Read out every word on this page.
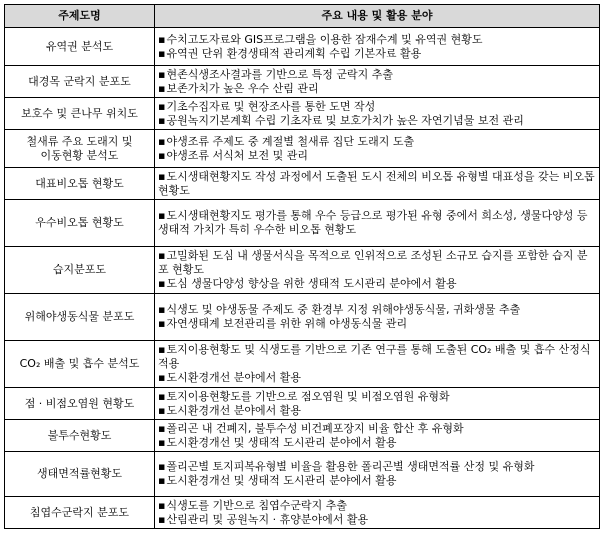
주제도명	주요 내용 및 활용 분야

유역권 분석도	▪수치고도자료와 GIS프로그램을 이용한 잠재수계 및 유역권 현황도
▪유역권 단위 환경생태적 관리계획 수립 기본자료 활용

대경목 군락지 분포도	▪현존식생조사결과를 기반으로 특정 군락지 추출
▪보존가치가 높은 우수 산림 관리

보호수 및 큰나무 위치도	▪기초수집자료 및 현장조사를 통한 도면 작성
▪공원녹지기본계획 수립 기초자료 및 보호가치가 높은 자연기념물 보전 관리

철새류 주요 도래지 및
이동현황 분석도	▪야생조류 주제도 중 계절별 철새류 집단 도래지 도출
▪야생조류 서식처 보전 및 관리

대표비오톱 현황도	▪도시생태현황지도 작성 과정에서 도출된 도시 전체의 비오톱 유형별 대표성을 갖는 비오톱 현황도

우수비오톱 현황도	▪도시생태현황지도 평가를 통해 우수 등급으로 평가된 유형 중에서 희소성, 생물다양성 등 생태적 가치가 특히 우수한 비오톱 현황도

습지분포도	▪고밀화된 도심 내 생물서식을 목적으로 인위적으로 조성된 소규모 습지를 포함한 습지 분포 현황도
▪도심 생물다양성 향상을 위한 생태적 도시관리 분야에서 활용

위해야생동식물 분포도	▪식생도 및 야생동물 주제도 중 환경부 지정 위해야생동식물, 귀화생물 추출
▪자연생태계 보전관리를 위한 위해 야생동식물 관리

CO₂ 배출 및 흡수 분석도	▪토지이용현황도 및 식생도를 기반으로 기존 연구를 통해 도출된 CO₂ 배출 및 흡수 산정식 적용
▪도시환경개선 분야에서 활용

점 · 비점오염원 현황도	▪토지이용현황도를 기반으로 점오염원 및 비점오염원 유형화
▪도시환경개선 분야에서 활용

불투수현황도	▪폴리곤 내 건폐지, 불투수성 비건폐포장지 비율 합산 후 유형화
▪도시환경개선 및 생태적 도시관리 분야에서 활용

생태면적률현황도	▪폴리곤별 토지피복유형별 비율을 활용한 폴리곤별 생태면적률 산정 및 유형화
▪도시환경개선 및 생태적 도시관리 분야에서 활용

침엽수군락지 분포도	▪식생도를 기반으로 침엽수군락지 추출
▪산림관리 및 공원녹지 · 휴양분야에서 활용
